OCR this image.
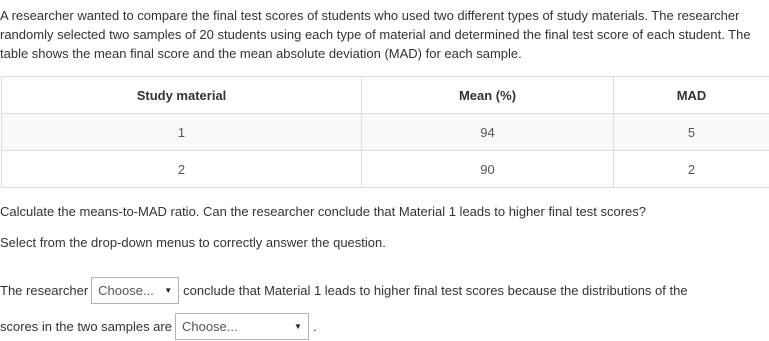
A researcher wanted to compare the final test scores of students who used two different types of study materials. The researcher randomly selected two samples of 20 students using each type of material and determined the final test score of each student. The table shows the mean final score and the mean absolute deviation (MAD) for each sample.

Study material	Mean (%)	MAD
1	94	5
2	90	2

Calculate the means-to-MAD ratio. Can the researcher conclude that Material 1 leads to higher final test scores?

Select from the drop-down menus to correctly answer the question.

The researcher Choose... ▼ conclude that Material 1 leads to higher final test scores because the distributions of the
scores in the two samples are Choose...	▼ .
